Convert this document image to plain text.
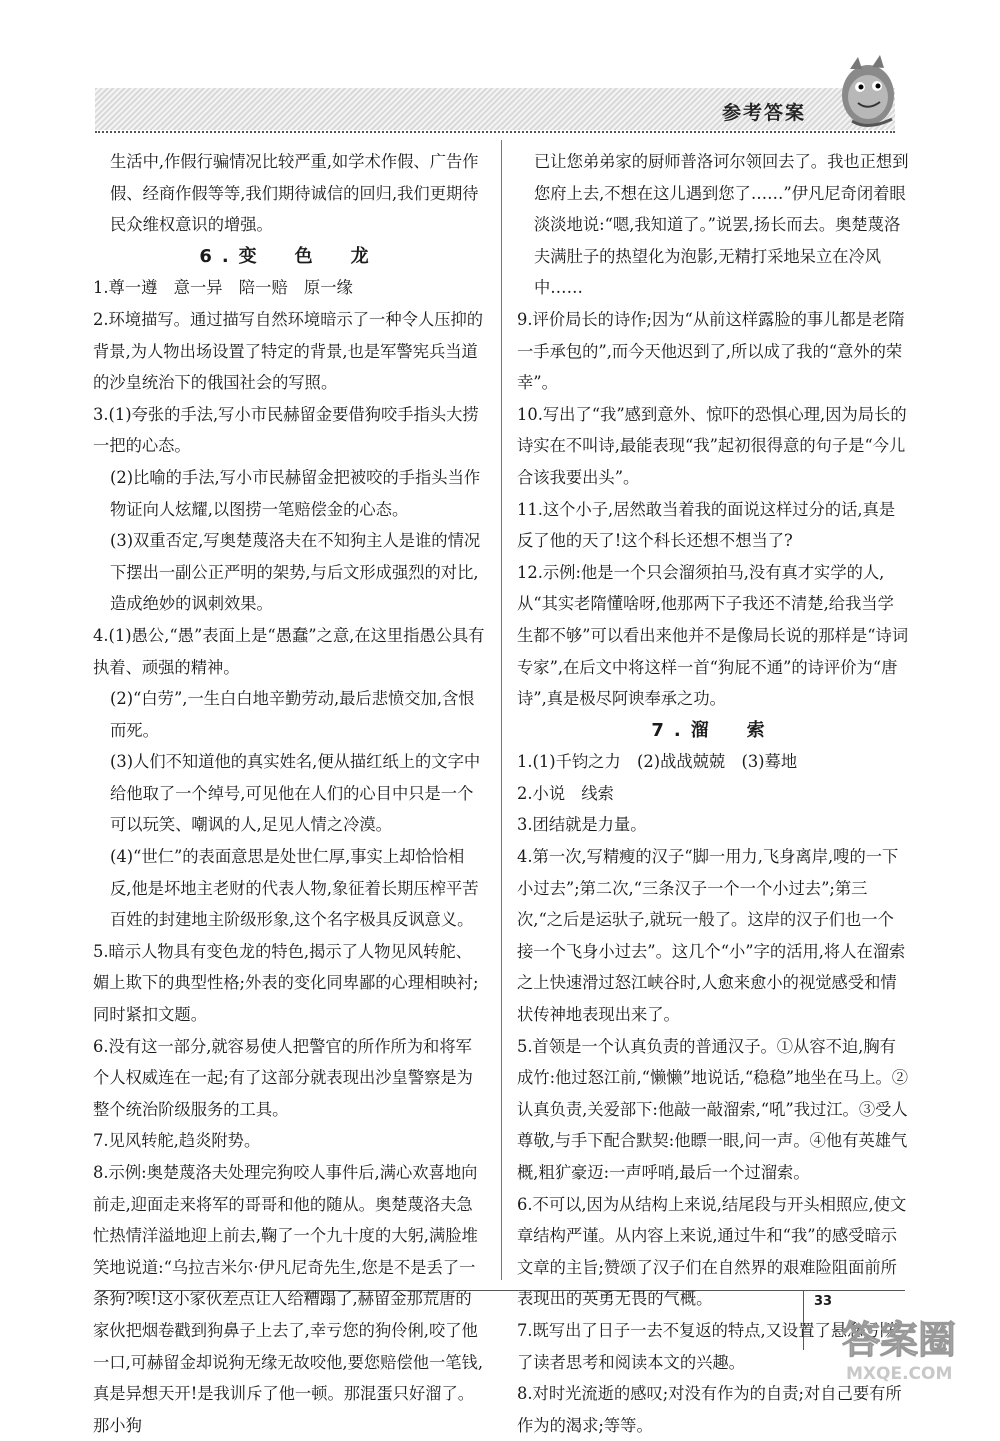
参考答案

生活中,作假行骗情况比较严重,如学术作假、广告作假、经商作假等等,我们期待诚信的回归,我们更期待民众维权意识的增强。

6.变　色　龙

1.尊一遵　意一异　陪一赔　原一缘

2.环境描写。通过描写自然环境暗示了一种令人压抑的背景,为人物出场设置了特定的背景,也是军警宪兵当道的沙皇统治下的俄国社会的写照。

3.(1)夸张的手法,写小市民赫留金要借狗咬手指头大捞一把的心态。

(2)比喻的手法,写小市民赫留金把被咬的手指头当作物证向人炫耀,以图捞一笔赔偿金的心态。

(3)双重否定,写奥楚蔑洛夫在不知狗主人是谁的情况下摆出一副公正严明的架势,与后文形成强烈的对比,造成绝妙的讽刺效果。

4.(1)愚公,“愚”表面上是“愚蠢”之意,在这里指愚公具有执着、顽强的精神。

(2)“白劳”,一生白白地辛勤劳动,最后悲愤交加,含恨而死。

(3)人们不知道他的真实姓名,便从描红纸上的文字中给他取了一个绰号,可见他在人们的心目中只是一个可以玩笑、嘲讽的人,足见人情之冷漠。

(4)“世仁”的表面意思是处世仁厚,事实上却恰恰相反,他是坏地主老财的代表人物,象征着长期压榨平苦百姓的封建地主阶级形象,这个名字极具反讽意义。

5.暗示人物具有变色龙的特色,揭示了人物见风转舵、媚上欺下的典型性格;外表的变化同卑鄙的心理相映衬;同时紧扣文题。

6.没有这一部分,就容易使人把警官的所作所为和将军个人权威连在一起;有了这部分就表现出沙皇警察是为整个统治阶级服务的工具。

7.见风转舵,趋炎附势。

8.示例:奥楚蔑洛夫处理完狗咬人事件后,满心欢喜地向前走,迎面走来将军的哥哥和他的随从。奥楚蔑洛夫急忙热情洋溢地迎上前去,鞠了一个九十度的大躬,满脸堆笑地说道:“乌拉吉米尔·伊凡尼奇先生,您是不是丢了一条狗?唉!这小家伙差点让人给糟蹋了,赫留金那荒唐的家伙把烟卷戳到狗鼻子上去了,幸亏您的狗伶俐,咬了他一口,可赫留金却说狗无缘无故咬他,要您赔偿他一笔钱,真是异想天开!是我训斥了他一顿。那混蛋只好溜了。那小狗

已让您弟弟家的厨师普洛诃尔领回去了。我也正想到您府上去,不想在这儿遇到您了……”伊凡尼奇闭着眼淡淡地说:“嗯,我知道了。”说罢,扬长而去。奥楚蔑洛夫满肚子的热望化为泡影,无精打采地呆立在冷风中……

9.评价局长的诗作;因为“从前这样露脸的事儿都是老隋一手承包的”,而今天他迟到了,所以成了我的“意外的荣幸”。

10.写出了“我”感到意外、惊吓的恐惧心理,因为局长的诗实在不叫诗,最能表现“我”起初很得意的句子是“今儿合该我要出头”。

11.这个小子,居然敢当着我的面说这样过分的话,真是反了他的天了!这个科长还想不想当了?

12.示例:他是一个只会溜须拍马,没有真才实学的人,从“其实老隋懂啥呀,他那两下子我还不清楚,给我当学生都不够”可以看出来他并不是像局长说的那样是“诗词专家”,在后文中将这样一首“狗屁不通”的诗评价为“唐诗”,真是极尽阿谀奉承之功。

7.溜　索

1.(1)千钧之力　(2)战战兢兢　(3)蓦地

2.小说　线索

3.团结就是力量。

4.第一次,写精瘦的汉子“脚一用力,飞身离岸,嗖的一下小过去”;第二次,“三条汉子一个一个小过去”;第三次,“之后是运驮子,就玩一般了。这岸的汉子们也一个接一个飞身小过去”。这几个“小”字的活用,将人在溜索之上快速滑过怒江峡谷时,人愈来愈小的视觉感受和情状传神地表现出来了。

5.首领是一个认真负责的普通汉子。①从容不迫,胸有成竹:他过怒江前,“懒懒”地说话,“稳稳”地坐在马上。②认真负责,关爱部下:他敲一敲溜索,“吼”我过江。③受人尊敬,与手下配合默契:他瞟一眼,问一声。④他有英雄气概,粗犷豪迈:一声呼哨,最后一个过溜索。

6.不可以,因为从结构上来说,结尾段与开头相照应,使文章结构严谨。从内容上来说,通过牛和“我”的感受暗示文章的主旨;赞颂了汉子们在自然界的艰难险阻面前所表现出的英勇无畏的气概。

7.既写出了日子一去不复返的特点,又设置了悬念,引发了读者思考和阅读本文的兴趣。

8.对时光流逝的感叹;对没有作为的自责;对自己要有所作为的渴求;等等。

33
答案圈
MXQE.COM
